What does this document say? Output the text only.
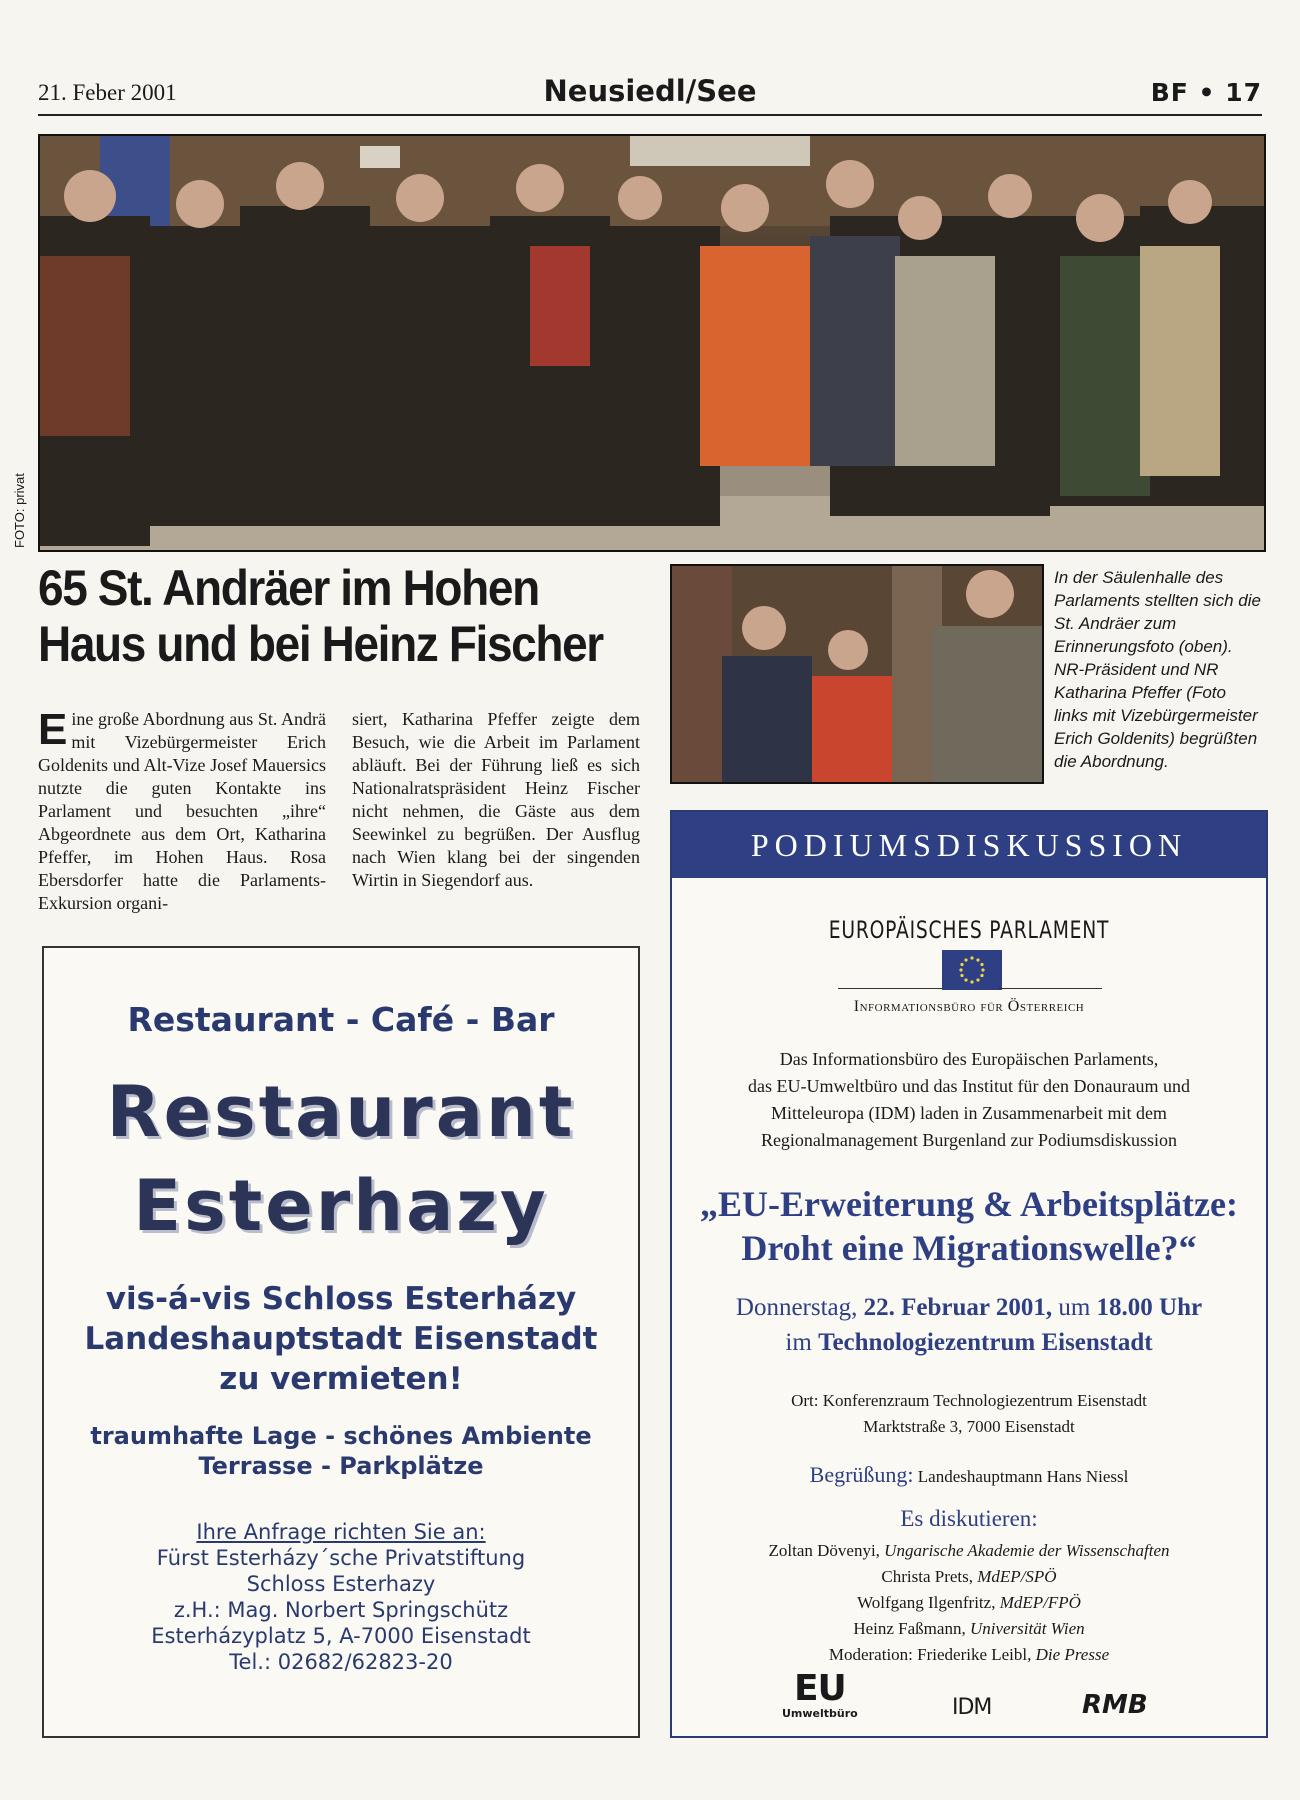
21. Feber 2001	Neusiedl/See	BF • 17
FOTO: privat
65 St. Andräer im Hohen Haus und bei Heinz Fischer
Eine große Abordnung aus St. Andrä mit Vizebürgermeister Erich Goldenits und Alt-Vize Josef Mauersics nutzte die guten Kontakte ins Parlament und besuchten „ihre“ Abgeordnete aus dem Ort, Katharina Pfeffer, im Hohen Haus. Rosa Ebersdorfer hatte die Parlaments-Exkursion organi-
siert, Katharina Pfeffer zeigte dem Besuch, wie die Arbeit im Parlament abläuft. Bei der Führung ließ es sich Nationalratspräsident Heinz Fischer nicht nehmen, die Gäste aus dem Seewinkel zu begrüßen. Der Ausflug nach Wien klang bei der singenden Wirtin in Siegendorf aus.
In der Säulenhalle des Parlaments stellten sich die St. Andräer zum Erinnerungsfoto (oben). NR-Präsident und NR Katharina Pfeffer (Foto links mit Vizebürgermeister Erich Goldenits) begrüßten die Abordnung.
Restaurant - Café - Bar
Restaurant
Esterhazy
vis-á-vis Schloss Esterházy
Landeshauptstadt Eisenstadt
zu vermieten!
traumhafte Lage - schönes Ambiente
Terrasse - Parkplätze
Ihre Anfrage richten Sie an:
Fürst Esterházy´sche Privatstiftung
Schloss Esterhazy
z.H.: Mag. Norbert Springschütz
Esterházyplatz 5, A-7000 Eisenstadt
Tel.: 02682/62823-20
PODIUMSDISKUSSION
EUROPÄISCHES PARLAMENT
Informationsbüro für Österreich
Das Informationsbüro des Europäischen Parlaments,
das EU-Umweltbüro und das Institut für den Donauraum und
Mitteleuropa (IDM) laden in Zusammenarbeit mit dem
Regionalmanagement Burgenland zur Podiumsdiskussion
„EU-Erweiterung & Arbeitsplätze:
Droht eine Migrationswelle?“
Donnerstag, 22. Februar 2001, um 18.00 Uhr
im Technologiezentrum Eisenstadt
Ort: Konferenzraum Technologiezentrum Eisenstadt
Marktstraße 3, 7000 Eisenstadt
Begrüßung: Landeshauptmann Hans Niessl
Es diskutieren:
Zoltan Dövenyi, Ungarische Akademie der Wissenschaften
Christa Prets, MdEP/SPÖ
Wolfgang Ilgenfritz, MdEP/FPÖ
Heinz Faßmann, Universität Wien
Moderation: Friederike Leibl, Die Presse
EU
Umweltbüro	IDM	RMB
